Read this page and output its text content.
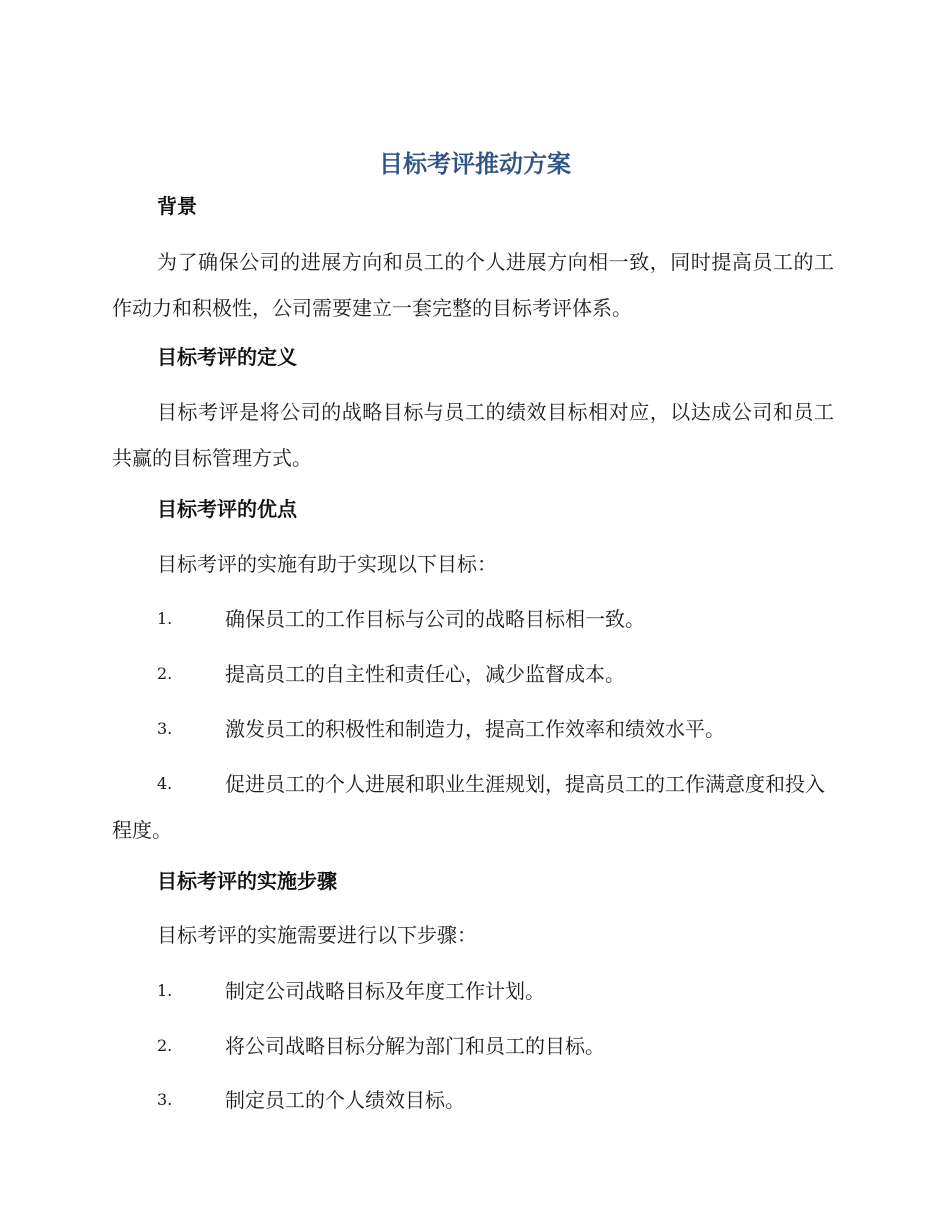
目标考评推动方案
背景

为了确保公司的进展方向和员工的个人进展方向相一致，同时提高员工的工作动力和积极性，公司需要建立一套完整的目标考评体系。

目标考评的定义

目标考评是将公司的战略目标与员工的绩效目标相对应，以达成公司和员工共赢的目标管理方式。

目标考评的优点

目标考评的实施有助于实现以下目标：

1.	确保员工的工作目标与公司的战略目标相一致。
2.	提高员工的自主性和责任心，减少监督成本。
3.	激发员工的积极性和制造力，提高工作效率和绩效水平。
4.	促进员工的个人进展和职业生涯规划，提高员工的工作满意度和投入程度。
目标考评的实施步骤

目标考评的实施需要进行以下步骤：

1.	制定公司战略目标及年度工作计划。
2.	将公司战略目标分解为部门和员工的目标。
3.	制定员工的个人绩效目标。
